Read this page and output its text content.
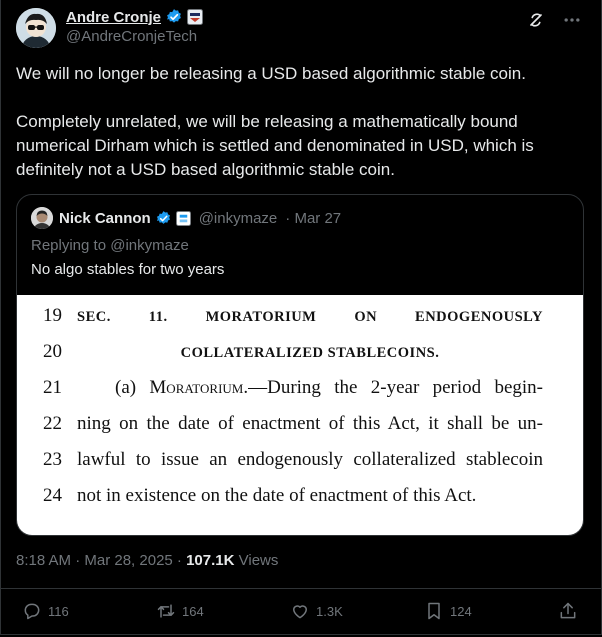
Andre Cronje
@AndreCronjeTech

We will no longer be releasing a USD based algorithmic stable coin.

Completely unrelated, we will be releasing a mathematically bound numerical Dirham which is settled and denominated in USD, which is definitely not a USD based algorithmic stable coin.

Nick Cannon	@inkymaze · Mar 27
Replying to @inkymaze
No algo stables for two years
19	SEC.	11.	MORATORIUM	ON	ENDOGENOUSLY
20	COLLATERALIZED STABLECOINS.
21	(a) Moratorium.—During the 2-year period begin-
22 ning on the date of enactment of this Act, it shall be un-
23 lawful to issue an endogenously collateralized stablecoin
24 not in existence on the date of enactment of this Act.
8:18 AM · Mar 28, 2025 · 107.1K Views
116	164	1.3K	124
